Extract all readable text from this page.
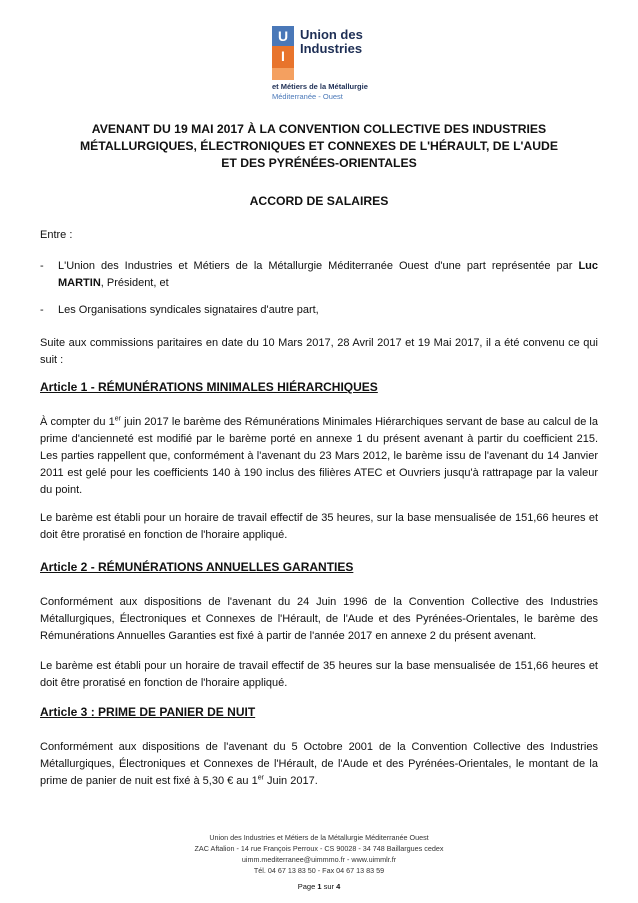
U
I
Union des
Industries
et Métiers de la Métallurgie
Méditerranée - Ouest
AVENANT DU 19 MAI 2017 À LA CONVENTION COLLECTIVE DES INDUSTRIES
MÉTALLURGIQUES, ÉLECTRONIQUES ET CONNEXES DE L'HÉRAULT, DE L'AUDE
ET DES PYRÉNÉES-ORIENTALES
ACCORD DE SALAIRES
Entre :
- L'Union des Industries et Métiers de la Métallurgie Méditerranée Ouest d'une part représentée par Luc MARTIN, Président, et
- Les Organisations syndicales signataires d'autre part,
Suite aux commissions paritaires en date du 10 Mars 2017, 28 Avril 2017 et 19 Mai 2017, il a été convenu ce qui suit :
Article 1 - RÉMUNÉRATIONS MINIMALES HIÉRARCHIQUES
À compter du 1er juin 2017 le barème des Rémunérations Minimales Hiérarchiques servant de base au calcul de la prime d'ancienneté est modifié par le barème porté en annexe 1 du présent avenant à partir du coefficient 215. Les parties rappellent que, conformément à l'avenant du 23 Mars 2012, le barème issu de l'avenant du 14 Janvier 2011 est gelé pour les coefficients 140 à 190 inclus des filières ATEC et Ouvriers jusqu'à rattrapage par la valeur du point.
Le barème est établi pour un horaire de travail effectif de 35 heures, sur la base mensualisée de 151,66 heures et doit être proratisé en fonction de l'horaire appliqué.
Article 2 - RÉMUNÉRATIONS ANNUELLES GARANTIES
Conformément aux dispositions de l'avenant du 24 Juin 1996 de la Convention Collective des Industries Métallurgiques, Électroniques et Connexes de l'Hérault, de l'Aude et des Pyrénées-Orientales, le barème des Rémunérations Annuelles Garanties est fixé à partir de l'année 2017 en annexe 2 du présent avenant.
Le barème est établi pour un horaire de travail effectif de 35 heures sur la base mensualisée de 151,66 heures et doit être proratisé en fonction de l'horaire appliqué.
Article 3 : PRIME DE PANIER DE NUIT
Conformément aux dispositions de l'avenant du 5 Octobre 2001 de la Convention Collective des Industries Métallurgiques, Électroniques et Connexes de l'Hérault, de l'Aude et des Pyrénées-Orientales, le montant de la prime de panier de nuit est fixé à 5,30 € au 1er Juin 2017.
Union des Industries et Métiers de la Métallurgie Méditerranée Ouest
ZAC Aftalion - 14 rue François Perroux - CS 90028 - 34 748 Baillargues cedex
uimm.mediterranee@uimmmo.fr - www.uimmlr.fr
Tél. 04 67 13 83 50 - Fax 04 67 13 83 59
Page 1 sur 4
